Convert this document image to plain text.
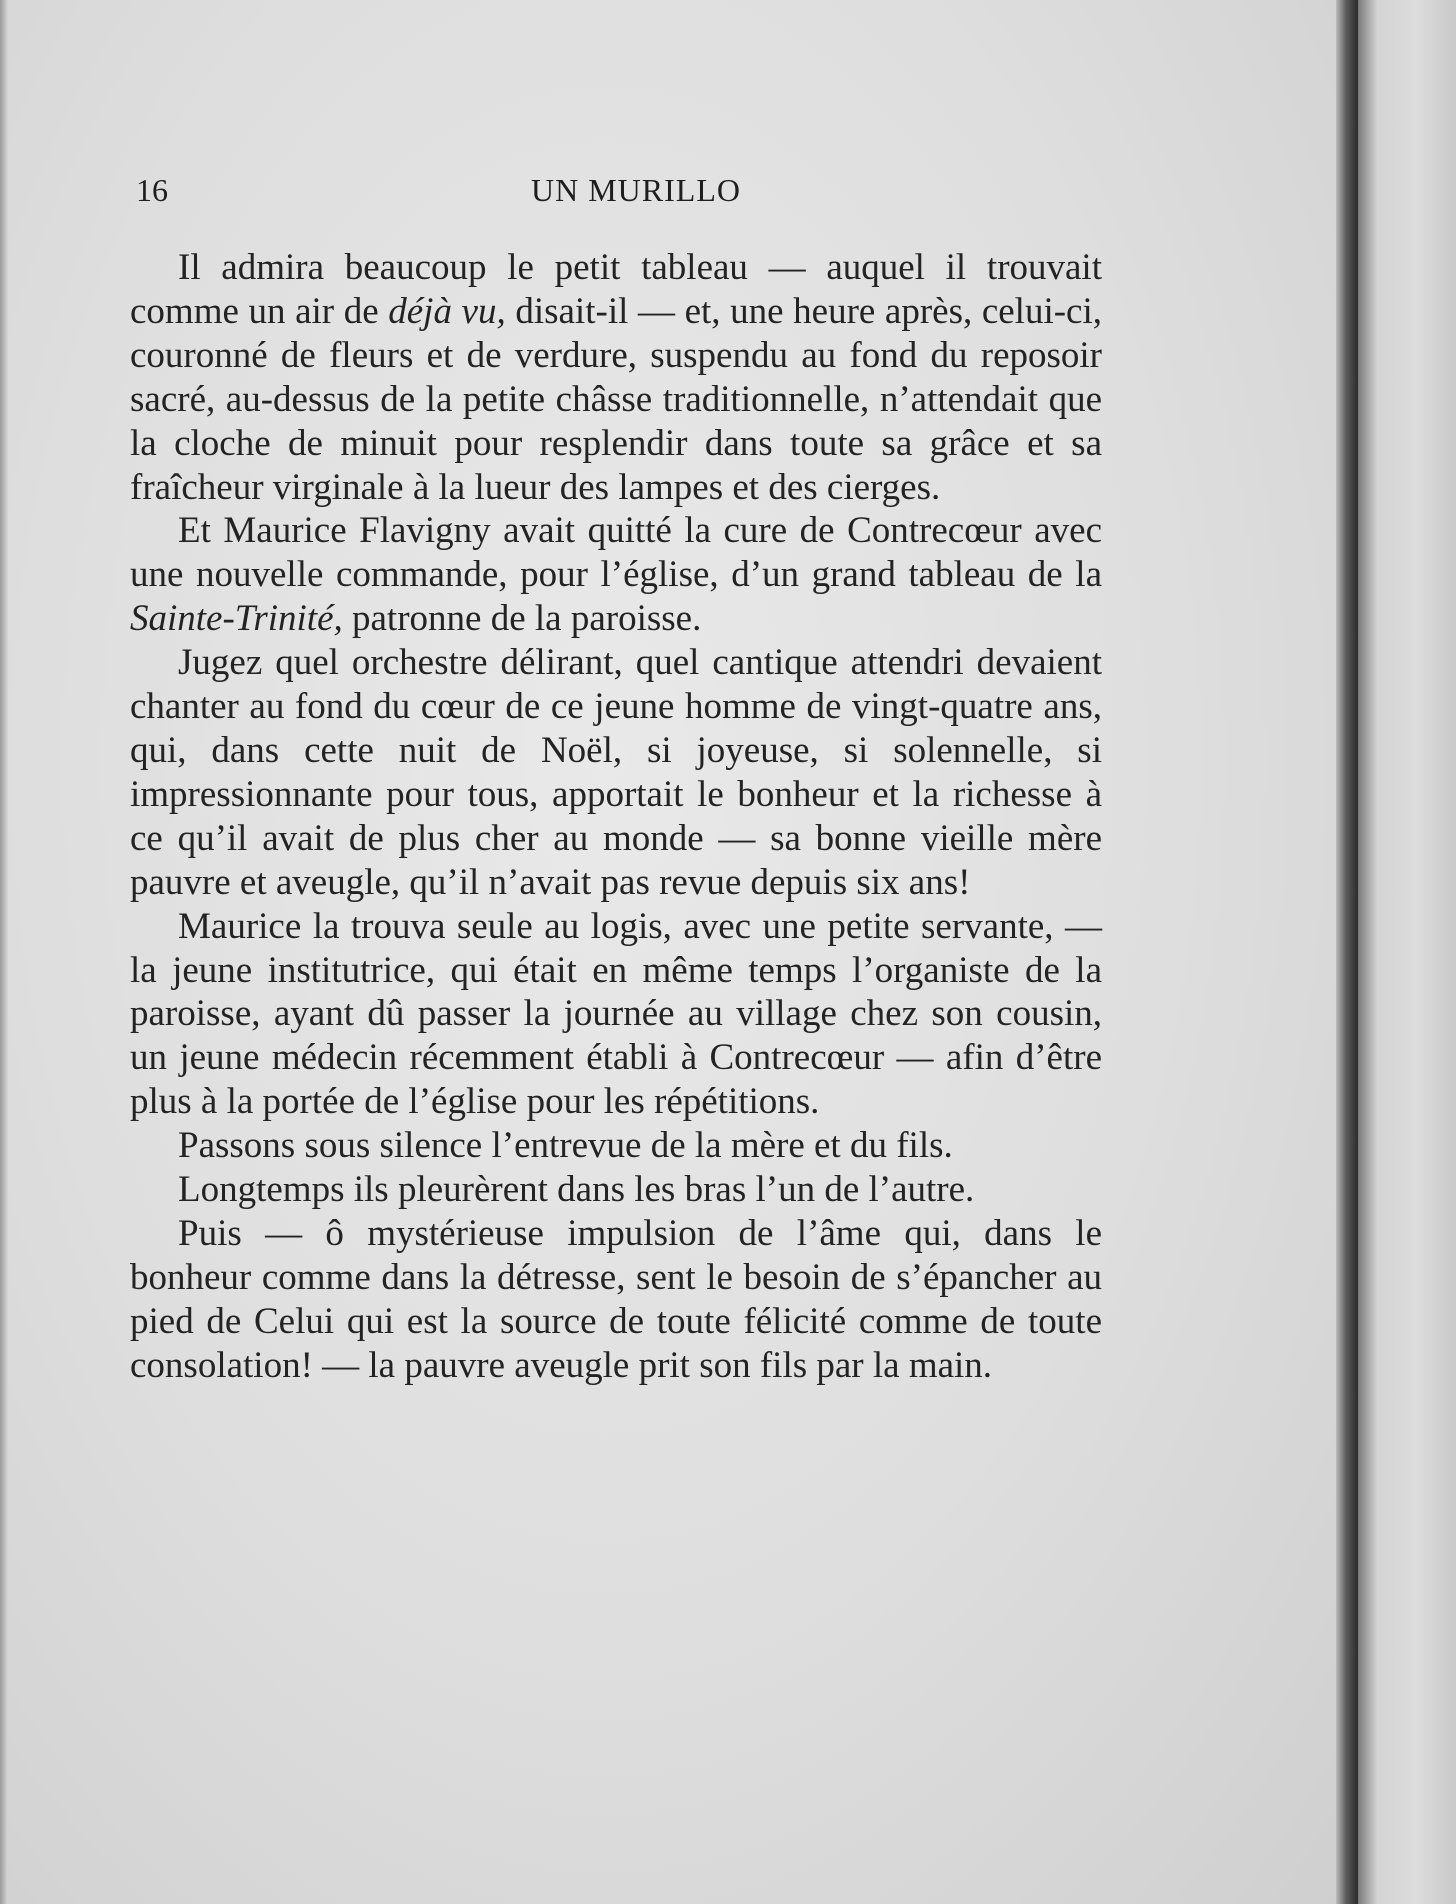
16	UN MURILLO

Il admira beaucoup le petit tableau — auquel il trouvait comme un air de déjà vu, disait-il — et, une heure après, celui-ci, couronné de fleurs et de verdure, suspendu au fond du reposoir sacré, au-dessus de la petite châsse traditionnelle, n’attendait que la cloche de minuit pour resplendir dans toute sa grâce et sa fraîcheur virginale à la lueur des lampes et des cierges.

Et Maurice Flavigny avait quitté la cure de Contrecœur avec une nouvelle commande, pour l’église, d’un grand tableau de la Sainte-Trinité, patronne de la paroisse.

Jugez quel orchestre délirant, quel cantique attendri devaient chanter au fond du cœur de ce jeune homme de vingt-quatre ans, qui, dans cette nuit de Noël, si joyeuse, si solennelle, si impressionnante pour tous, apportait le bonheur et la richesse à ce qu’il avait de plus cher au monde — sa bonne vieille mère pauvre et aveugle, qu’il n’avait pas revue depuis six ans!

Maurice la trouva seule au logis, avec une petite servante, — la jeune institutrice, qui était en même temps l’organiste de la paroisse, ayant dû passer la journée au village chez son cousin, un jeune médecin récemment établi à Contrecœur — afin d’être plus à la portée de l’église pour les répétitions.

Passons sous silence l’entrevue de la mère et du fils.

Longtemps ils pleurèrent dans les bras l’un de l’autre.

Puis — ô mystérieuse impulsion de l’âme qui, dans le bonheur comme dans la détresse, sent le besoin de s’épancher au pied de Celui qui est la source de toute félicité comme de toute consolation! — la pauvre aveugle prit son fils par la main.
